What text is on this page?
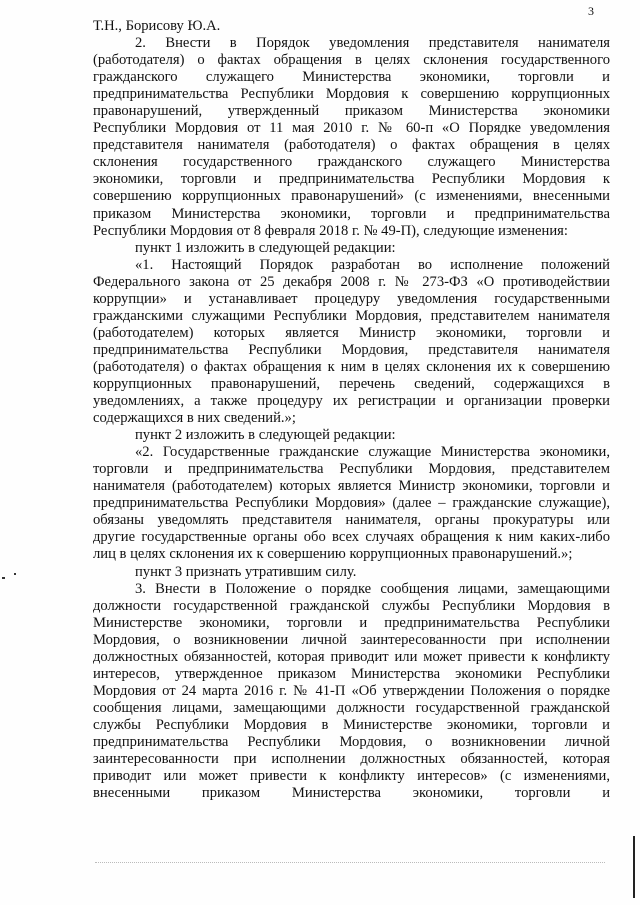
3
Т.Н., Борисову Ю.А.
2. Внести в Порядок уведомления представителя нанимателя
(работодателя) о фактах обращения в целях склонения государственного
гражданского служащего Министерства экономики, торговли и
предпринимательства Республики Мордовия к совершению коррупционных
правонарушений, утвержденный приказом Министерства экономики
Республики Мордовия от 11 мая 2010 г. № 60-п «О Порядке уведомления
представителя нанимателя (работодателя) о фактах обращения в целях
склонения государственного гражданского служащего Министерства
экономики, торговли и предпринимательства Республики Мордовия к
совершению коррупционных правонарушений» (с изменениями, внесенными
приказом Министерства экономики, торговли и предпринимательства
Республики Мордовия от 8 февраля 2018 г. № 49-П), следующие изменения:
пункт 1 изложить в следующей редакции:
«1. Настоящий Порядок разработан во исполнение положений
Федерального закона от 25 декабря 2008 г. № 273-ФЗ «О противодействии
коррупции» и устанавливает процедуру уведомления государственными
гражданскими служащими Республики Мордовия, представителем нанимателя
(работодателем) которых является Министр экономики, торговли и
предпринимательства Республики Мордовия, представителя нанимателя
(работодателя) о фактах обращения к ним в целях склонения их к совершению
коррупционных правонарушений, перечень сведений, содержащихся в
уведомлениях, а также процедуру их регистрации и организации проверки
содержащихся в них сведений.»;
пункт 2 изложить в следующей редакции:
«2. Государственные гражданские служащие Министерства экономики,
торговли и предпринимательства Республики Мордовия, представителем
нанимателя (работодателем) которых является Министр экономики, торговли и
предпринимательства Республики Мордовия» (далее – гражданские служащие),
обязаны уведомлять представителя нанимателя, органы прокуратуры или
другие государственные органы обо всех случаях обращения к ним каких-либо
лиц в целях склонения их к совершению коррупционных правонарушений.»;
пункт 3 признать утратившим силу.
3. Внести в Положение о порядке сообщения лицами, замещающими
должности государственной гражданской службы Республики Мордовия в
Министерстве экономики, торговли и предпринимательства Республики
Мордовия, о возникновении личной заинтересованности при исполнении
должностных обязанностей, которая приводит или может привести к конфликту
интересов, утвержденное приказом Министерства экономики Республики
Мордовия от 24 марта 2016 г. № 41-П «Об утверждении Положения о порядке
сообщения лицами, замещающими должности государственной гражданской
службы Республики Мордовия в Министерстве экономики, торговли и
предпринимательства Республики Мордовия, о возникновении личной
заинтересованности при исполнении должностных обязанностей, которая
приводит или может привести к конфликту интересов» (с изменениями,
внесенными приказом Министерства экономики, торговли и
